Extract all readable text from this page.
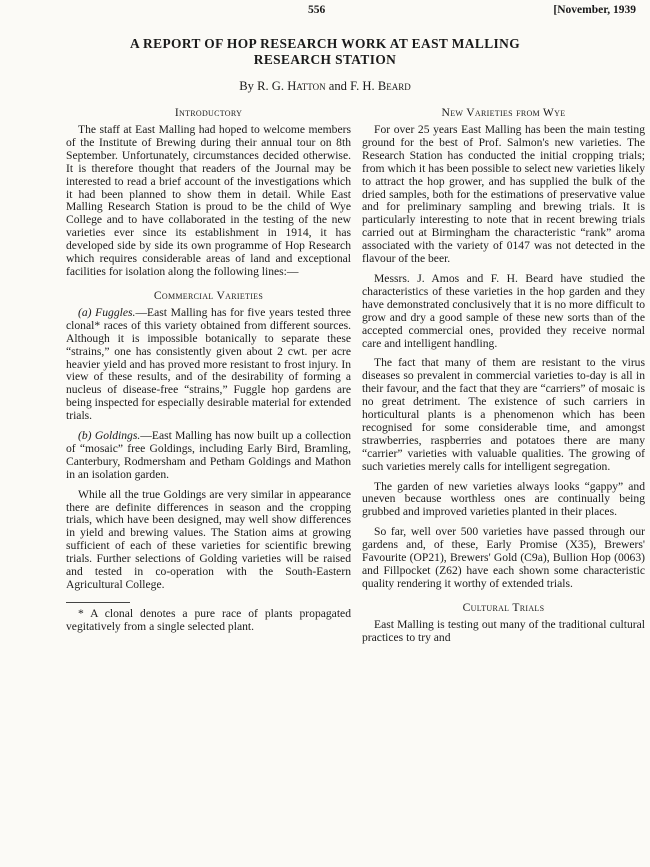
556	[November, 1939
A REPORT OF HOP RESEARCH WORK AT EAST MALLING
RESEARCH STATION

By R. G. Hatton and F. H. Beard

Introductory

The staff at East Malling had hoped to welcome members of the Institute of Brewing during their annual tour on 8th September. Unfortunately, circumstances decided otherwise. It is therefore thought that readers of the Journal may be interested to read a brief account of the investigations which it had been planned to show them in detail. While East Malling Research Station is proud to be the child of Wye College and to have collaborated in the testing of the new varieties ever since its establishment in 1914, it has developed side by side its own programme of Hop Research which requires considerable areas of land and exceptional facilities for isolation along the following lines:—

Commercial Varieties

(a) Fuggles.—East Malling has for five years tested three clonal* races of this variety obtained from different sources. Although it is impossible botanically to separate these “strains,” one has consistently given about 2 cwt. per acre heavier yield and has proved more resistant to frost injury. In view of these results, and of the desirability of forming a nucleus of disease-free “strains,” Fuggle hop gardens are being inspected for especially desirable material for extended trials.

(b) Goldings.—East Malling has now built up a collection of “mosaic” free Goldings, including Early Bird, Bramling, Canterbury, Rodmersham and Petham Goldings and Mathon in an isolation garden.

While all the true Goldings are very similar in appearance there are definite differences in season and the cropping trials, which have been designed, may well show differences in yield and brewing values. The Station aims at growing sufficient of each of these varieties for scientific brewing trials. Further selections of Golding varieties will be raised and tested in co-operation with the South-Eastern Agricultural College.

* A clonal denotes a pure race of plants propagated vegitatively from a single selected plant.

New Varieties from Wye

For over 25 years East Malling has been the main testing ground for the best of Prof. Salmon's new varieties. The Research Station has conducted the initial cropping trials; from which it has been possible to select new varieties likely to attract the hop grower, and has supplied the bulk of the dried samples, both for the estimations of preservative value and for preliminary sampling and brewing trials. It is particularly interesting to note that in recent brewing trials carried out at Birmingham the characteristic “rank” aroma associated with the variety of 0147 was not detected in the flavour of the beer.

Messrs. J. Amos and F. H. Beard have studied the characteristics of these varieties in the hop garden and they have demonstrated conclusively that it is no more difficult to grow and dry a good sample of these new sorts than of the accepted commercial ones, provided they receive normal care and intelligent handling.

The fact that many of them are resistant to the virus diseases so prevalent in commercial varieties to-day is all in their favour, and the fact that they are “carriers” of mosaic is no great detriment. The existence of such carriers in horticultural plants is a phenomenon which has been recognised for some considerable time, and amongst strawberries, raspberries and potatoes there are many “carrier” varieties with valuable qualities. The growing of such varieties merely calls for intelligent segregation.

The garden of new varieties always looks “gappy” and uneven because worthless ones are continually being grubbed and improved varieties planted in their places.

So far, well over 500 varieties have passed through our gardens and, of these, Early Promise (X35), Brewers' Favourite (OP21), Brewers' Gold (C9a), Bullion Hop (0063) and Fillpocket (Z62) have each shown some characteristic quality rendering it worthy of extended trials.

Cultural Trials

East Malling is testing out many of the traditional cultural practices to try and
